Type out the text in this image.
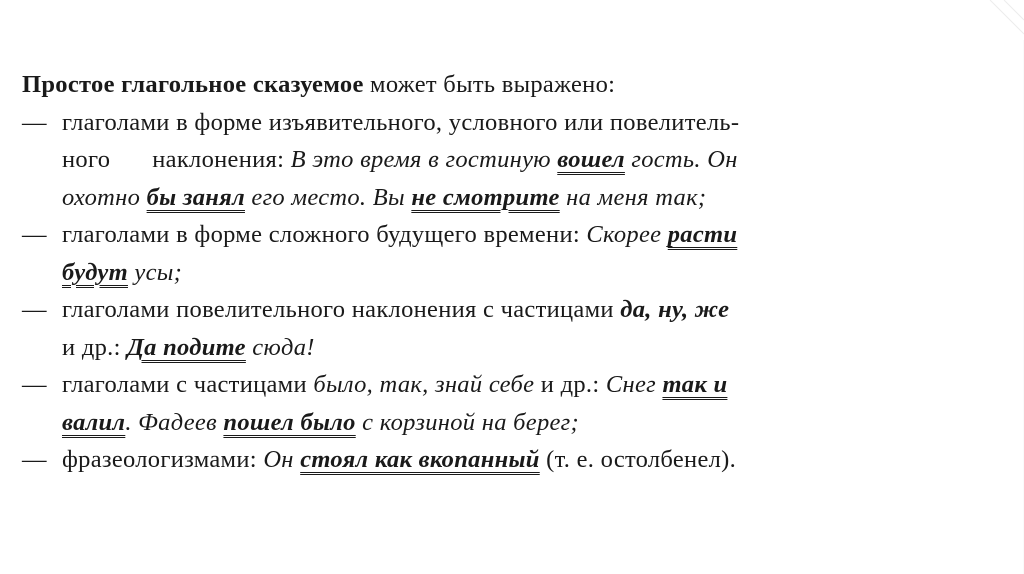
Простое глагольное сказуемое может быть выражено:
— глаголами в форме изъявительного, условного или повелитель-
ного наклонения: В это время в гостиную вошел гость. Он
охотно бы занял его место. Вы не смотрите на меня так;
— глаголами в форме сложного будущего времени: Скорее расти
будут усы;
— глаголами повелительного наклонения с частицами да, ну, же
и др.: Да подите сюда!
— глаголами с частицами было, так, знай себе и др.: Снег так и
валил. Фадеев пошел было с корзиной на берег;
— фразеологизмами: Он стоял как вкопанный (т. е. остолбенел).
